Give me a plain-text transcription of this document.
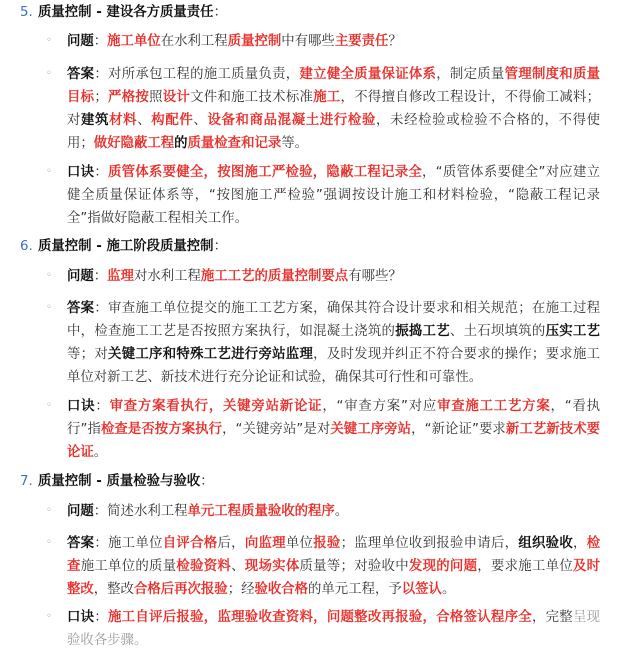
5. 质量控制 - 建设各方质量责任：
◦ 问题：施工单位在水利工程质量控制中有哪些主要责任？
◦ 答案：对所承包工程的施工质量负责，建立健全质量保证体系，制定质量管理制度和质量目标；严格按照设计文件和施工技术标准施工，不得擅自修改工程设计，不得偷工减料；对建筑材料、构配件、设备和商品混凝土进行检验，未经检验或检验不合格的，不得使用；做好隐蔽工程的质量检查和记录等。
◦ 口诀：质管体系要健全，按图施工严检验，隐蔽工程记录全，“质管体系要健全”对应建立健全质量保证体系等，“按图施工严检验”强调按设计施工和材料检验，“隐蔽工程记录全”指做好隐蔽工程相关工作。
6. 质量控制 - 施工阶段质量控制：
◦ 问题：监理对水利工程施工工艺的质量控制要点有哪些？
◦ 答案：审查施工单位提交的施工工艺方案，确保其符合设计要求和相关规范；在施工过程中，检查施工工艺是否按照方案执行，如混凝土浇筑的振捣工艺、土石坝填筑的压实工艺等；对关键工序和特殊工艺进行旁站监理，及时发现并纠正不符合要求的操作；要求施工单位对新工艺、新技术进行充分论证和试验，确保其可行性和可靠性。
◦ 口诀：审查方案看执行，关键旁站新论证，“审查方案”对应审查施工工艺方案，“看执行”指检查是否按方案执行，“关键旁站”是对关键工序旁站，“新论证”要求新工艺新技术要论证。
7. 质量控制 - 质量检验与验收：
◦ 问题：简述水利工程单元工程质量验收的程序。
◦ 答案：施工单位自评合格后，向监理单位报验；监理单位收到报验申请后，组织验收，检查施工单位的质量检验资料、现场实体质量等；对验收中发现的问题，要求施工单位及时整改，整改合格后再次报验；经验收合格的单元工程，予以签认。
◦ 口诀：施工自评后报验，监理验收查资料，问题整改再报验，合格签认程序全，完整呈现验收各步骤。
